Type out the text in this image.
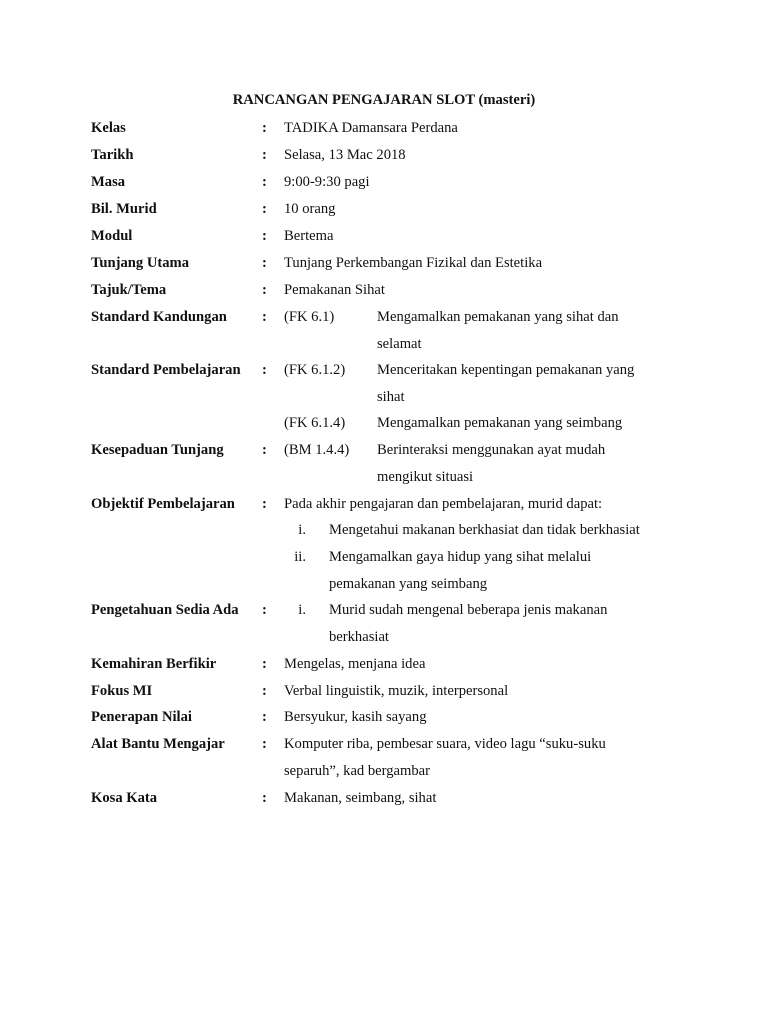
RANCANGAN PENGAJARAN SLOT (masteri)
Kelas	: TADIKA Damansara Perdana
Tarikh	: Selasa, 13 Mac 2018
Masa	: 9:00-9:30 pagi
Bil. Murid	: 10 orang
Modul	: Bertema
Tunjang Utama	: Tunjang Perkembangan Fizikal dan Estetika
Tajuk/Tema	: Pemakanan Sihat
Standard Kandungan : (FK 6.1)	Mengamalkan pemakanan yang sihat dan
selamat
Standard Pembelajaran : (FK 6.1.2) Menceritakan kepentingan pemakanan yang
sihat
(FK 6.1.4) Mengamalkan pemakanan yang seimbang
Kesepaduan Tunjang	: (BM 1.4.4) Berinteraksi menggunakan ayat mudah
mengikut situasi
Objektif Pembelajaran : Pada akhir pengajaran dan pembelajaran, murid dapat:
i. Mengetahui makanan berkhasiat dan tidak berkhasiat
ii. Mengamalkan gaya hidup yang sihat melalui
pemakanan yang seimbang
Pengetahuan Sedia Ada :	i. Murid sudah mengenal beberapa jenis makanan
berkhasiat
Kemahiran Berfikir	: Mengelas, menjana idea
Fokus MI	: Verbal linguistik, muzik, interpersonal
Penerapan Nilai	: Bersyukur, kasih sayang
Alat Bantu Mengajar	: Komputer riba, pembesar suara, video lagu “suku-suku
separuh”, kad bergambar
Kosa Kata	: Makanan, seimbang, sihat
